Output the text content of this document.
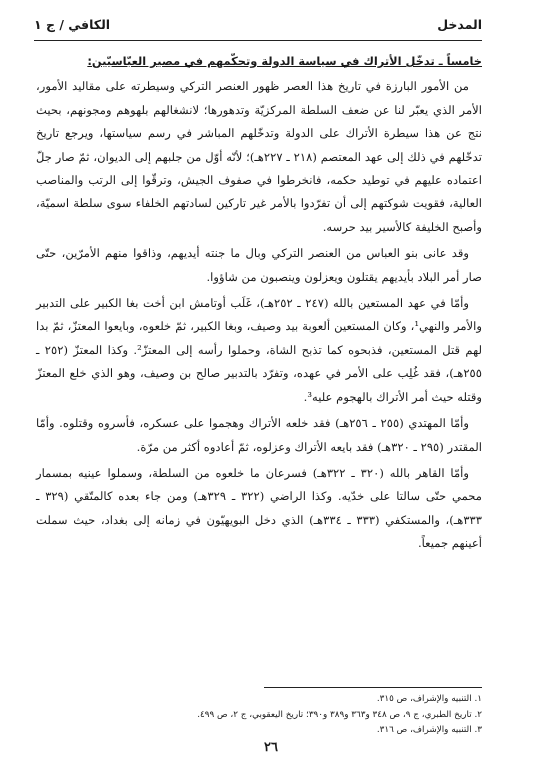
المدخل
الكافي / ج ١

خامساً ـ تدخّل الأتراك في سياسة الدولة وتحكّمهم في مصير العبّاسيّين:

من الأمور البارزة في تاريخ هذا العصر ظهور العنصر التركي وسيطرته على مقاليد الأمور، الأمر الذي يعبّر لنا عن ضعف السلطة المركزيّة وتدهورها؛ لانشغالهم بلهوهم ومجونهم، بحيث نتج عن هذا سيطرة الأتراك على الدولة وتدخّلهم المباشر في رسم سياستها، ويرجع تاريخ تدخّلهم في ذلك إلى عهد المعتصم (٢١٨ ـ ٢٢٧هـ)؛ لأنّه أوّل من جلبهم إلى الديوان، ثمّ صار جلّ اعتماده عليهم في توطيد حكمه، فانخرطوا في صفوف الجيش، وترقّوا إلى الرتب والمناصب العالية، فقويت شوكتهم إلى أن تفرّدوا بالأمر غير تاركين لسادتهم الخلفاء سوى سلطة اسميّة، وأصبح الخليفة كالأسير بيد حرسه.

وقد عانى بنو العباس من العنصر التركي وبال ما جنته أيديهم، وذاقوا منهم الأمرّين، حتّى صار أمر البلاد بأيديهم يقتلون ويعزلون وينصبون من شاؤوا.

وأمّا في عهد المستعين بالله (٢٤٧ ـ ٢٥٢هـ)، غَلَب أوتامش ابن أخت بغا الكبير على التدبير والأمر والنهي¹، وكان المستعين ألعوبة بيد وصيف، وبغا الكبير، ثمّ خلعوه، وبايعوا المعتزّ، ثمّ بدا لهم قتل المستعين، فذبحوه كما تذبح الشاة، وحملوا رأسه إلى المعتزّ². وكذا المعتزّ (٢٥٢ ـ ٢٥٥هـ)، فقد غُلِب على الأمر في عهده، وتفرّد بالتدبير صالح بن وصيف، وهو الذي خلع المعتزّ وقتله حيث أمر الأتراك بالهجوم عليه³.

وأمّا المهتدي (٢٥٥ ـ ٢٥٦هـ) فقد خلعه الأتراك وهجموا على عسكره، فأسروه وقتلوه. وأمّا المقتدر (٢٩٥ ـ ٣٢٠هـ) فقد بايعه الأتراك وعزلوه، ثمّ أعادوه أكثر من مرّة.

وأمّا القاهر بالله (٣٢٠ ـ ٣٢٢هـ) فسرعان ما خلعوه من السلطة، وسملوا عينيه بمسمار محمي حتّى سالتا على خدّيه. وكذا الراضي (٣٢٢ ـ ٣٢٩هـ) ومن جاء بعده كالمتّقي (٣٢٩ ـ ٣٣٣هـ)، والمستكفي (٣٣٣ ـ ٣٣٤هـ) الذي دخل البويهيّون في زمانه إلى بغداد، حيث سملت أعينهم جميعاً.

١. التنبيه والإشراف، ص ٣١٥.

٢. تاريخ الطبري، ج ٩، ص ٣٤٨ و٣٦٣ و٣٨٩ و٣٩٠؛ تاريخ اليعقوبي، ج ٢، ص ٤٩٩.

٣. التنبيه والإشراف، ص ٣١٦.

٢٦
